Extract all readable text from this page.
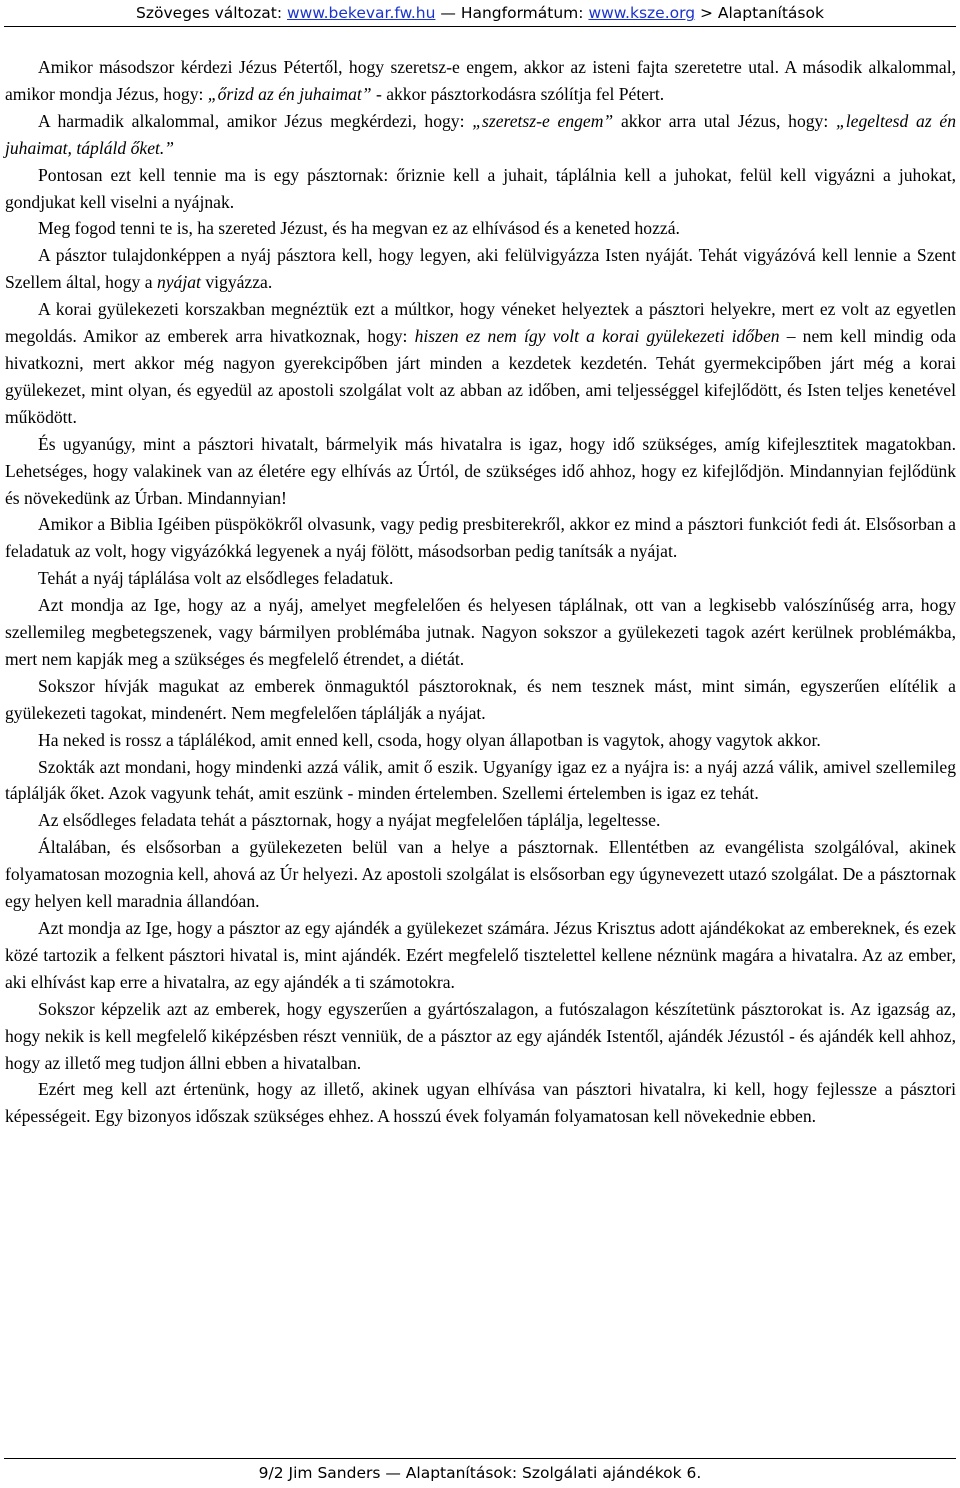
Szöveges változat: www.bekevar.fw.hu — Hangformátum: www.ksze.org > Alaptanítások

Amikor másodszor kérdezi Jézus Pétertől, hogy szeretsz-e engem, akkor az isteni fajta szeretetre utal. A második alkalommal, amikor mondja Jézus, hogy: „őrizd az én juhaimat” - akkor pásztorkodásra szólítja fel Pétert.

A harmadik alkalommal, amikor Jézus megkérdezi, hogy: „szeretsz-e engem” akkor arra utal Jézus, hogy: „legeltesd az én juhaimat, tápláld őket.”

Pontosan ezt kell tennie ma is egy pásztornak: őriznie kell a juhait, táplálnia kell a juhokat, felül kell vigyázni a juhokat, gondjukat kell viselni a nyájnak.

Meg fogod tenni te is, ha szereted Jézust, és ha megvan ez az elhívásod és a keneted hozzá.

A pásztor tulajdonképpen a nyáj pásztora kell, hogy legyen, aki felülvigyázza Isten nyáját. Tehát vigyázóvá kell lennie a Szent Szellem által, hogy a nyájat vigyázza.

A korai gyülekezeti korszakban megnéztük ezt a múltkor, hogy véneket helyeztek a pásztori helyekre, mert ez volt az egyetlen megoldás. Amikor az emberek arra hivatkoznak, hogy: hiszen ez nem így volt a korai gyülekezeti időben – nem kell mindig oda hivatkozni, mert akkor még nagyon gyerekcipőben járt minden a kezdetek kezdetén. Tehát gyermekcipőben járt még a korai gyülekezet, mint olyan, és egyedül az apostoli szolgálat volt az abban az időben, ami teljességgel kifejlődött, és Isten teljes kenetével működött.

És ugyanúgy, mint a pásztori hivatalt, bármelyik más hivatalra is igaz, hogy idő szükséges, amíg kifejlesztitek magatokban. Lehetséges, hogy valakinek van az életére egy elhívás az Úrtól, de szükséges idő ahhoz, hogy ez kifejlődjön. Mindannyian fejlődünk és növekedünk az Úrban. Mindannyian!

Amikor a Biblia Igéiben püspökökről olvasunk, vagy pedig presbiterekről, akkor ez mind a pásztori funkciót fedi át. Elsősorban a feladatuk az volt, hogy vigyázókká legyenek a nyáj fölött, másodsorban pedig tanítsák a nyájat.

Tehát a nyáj táplálása volt az elsődleges feladatuk.

Azt mondja az Ige, hogy az a nyáj, amelyet megfelelően és helyesen táplálnak, ott van a legkisebb valószínűség arra, hogy szellemileg megbetegszenek, vagy bármilyen problémába jutnak. Nagyon sokszor a gyülekezeti tagok azért kerülnek problémákba, mert nem kapják meg a szükséges és megfelelő étrendet, a diétát.

Sokszor hívják magukat az emberek önmaguktól pásztoroknak, és nem tesznek mást, mint simán, egyszerűen elítélik a gyülekezeti tagokat, mindenért. Nem megfelelően táplálják a nyájat.

Ha neked is rossz a táplálékod, amit enned kell, csoda, hogy olyan állapotban is vagytok, ahogy vagytok akkor.

Szokták azt mondani, hogy mindenki azzá válik, amit ő eszik. Ugyanígy igaz ez a nyájra is: a nyáj azzá válik, amivel szellemileg táplálják őket. Azok vagyunk tehát, amit eszünk - minden értelemben. Szellemi értelemben is igaz ez tehát.

Az elsődleges feladata tehát a pásztornak, hogy a nyájat megfelelően táplálja, legeltesse.

Általában, és elsősorban a gyülekezeten belül van a helye a pásztornak. Ellentétben az evangélista szolgálóval, akinek folyamatosan mozognia kell, ahová az Úr helyezi. Az apostoli szolgálat is elsősorban egy úgynevezett utazó szolgálat. De a pásztornak egy helyen kell maradnia állandóan.

Azt mondja az Ige, hogy a pásztor az egy ajándék a gyülekezet számára. Jézus Krisztus adott ajándékokat az embereknek, és ezek közé tartozik a felkent pásztori hivatal is, mint ajándék. Ezért megfelelő tisztelettel kellene néznünk magára a hivatalra. Az az ember, aki elhívást kap erre a hivatalra, az egy ajándék a ti számotokra.

Sokszor képzelik azt az emberek, hogy egyszerűen a gyártószalagon, a futószalagon készítetünk pásztorokat is. Az igazság az, hogy nekik is kell megfelelő kiképzésben részt venniük, de a pásztor az egy ajándék Istentől, ajándék Jézustól - és ajándék kell ahhoz, hogy az illető meg tudjon állni ebben a hivatalban.

Ezért meg kell azt értenünk, hogy az illető, akinek ugyan elhívása van pásztori hivatalra, ki kell, hogy fejlessze a pásztori képességeit. Egy bizonyos időszak szükséges ehhez. A hosszú évek folyamán folyamatosan kell növekednie ebben.

9/2 Jim Sanders — Alaptanítások: Szolgálati ajándékok 6.
